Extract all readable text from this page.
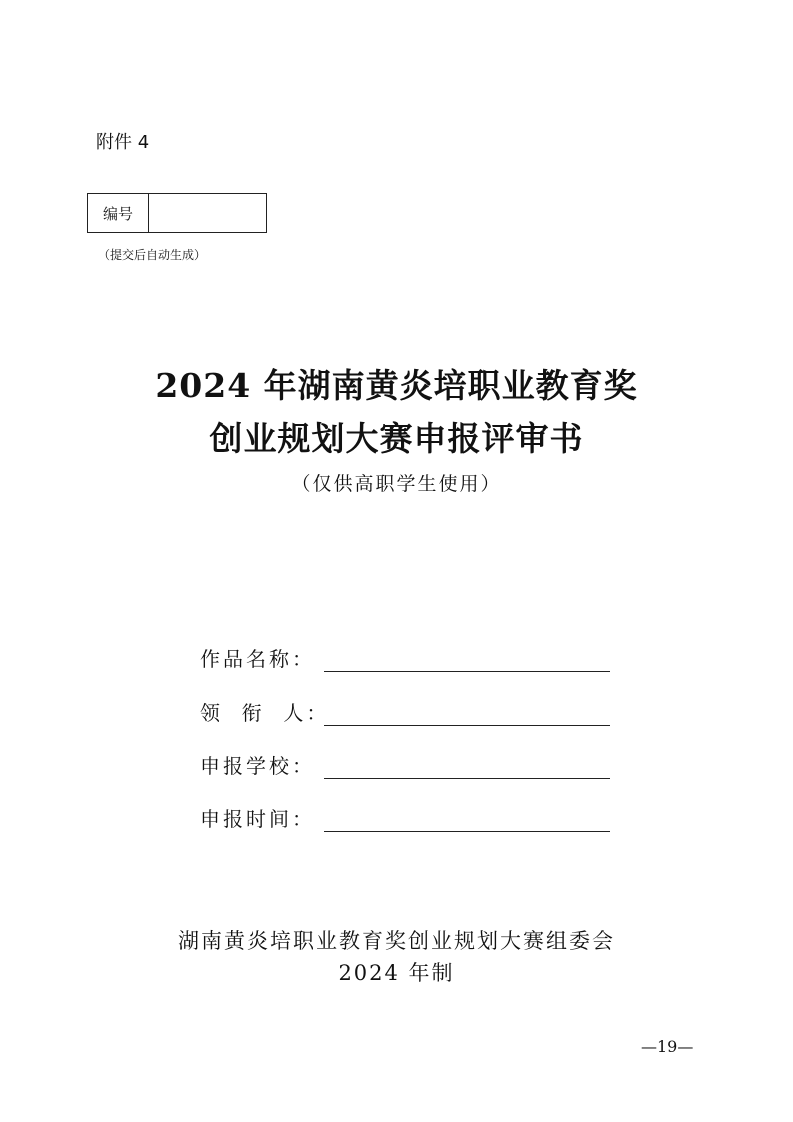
附件 4
编号
（提交后自动生成）
2024 年湖南黄炎培职业教育奖
创业规划大赛申报评审书
（仅供高职学生使用）
作品名称：
领  衔  人：
申报学校：
申报时间：
湖南黄炎培职业教育奖创业规划大赛组委会
2024 年制
—19—
